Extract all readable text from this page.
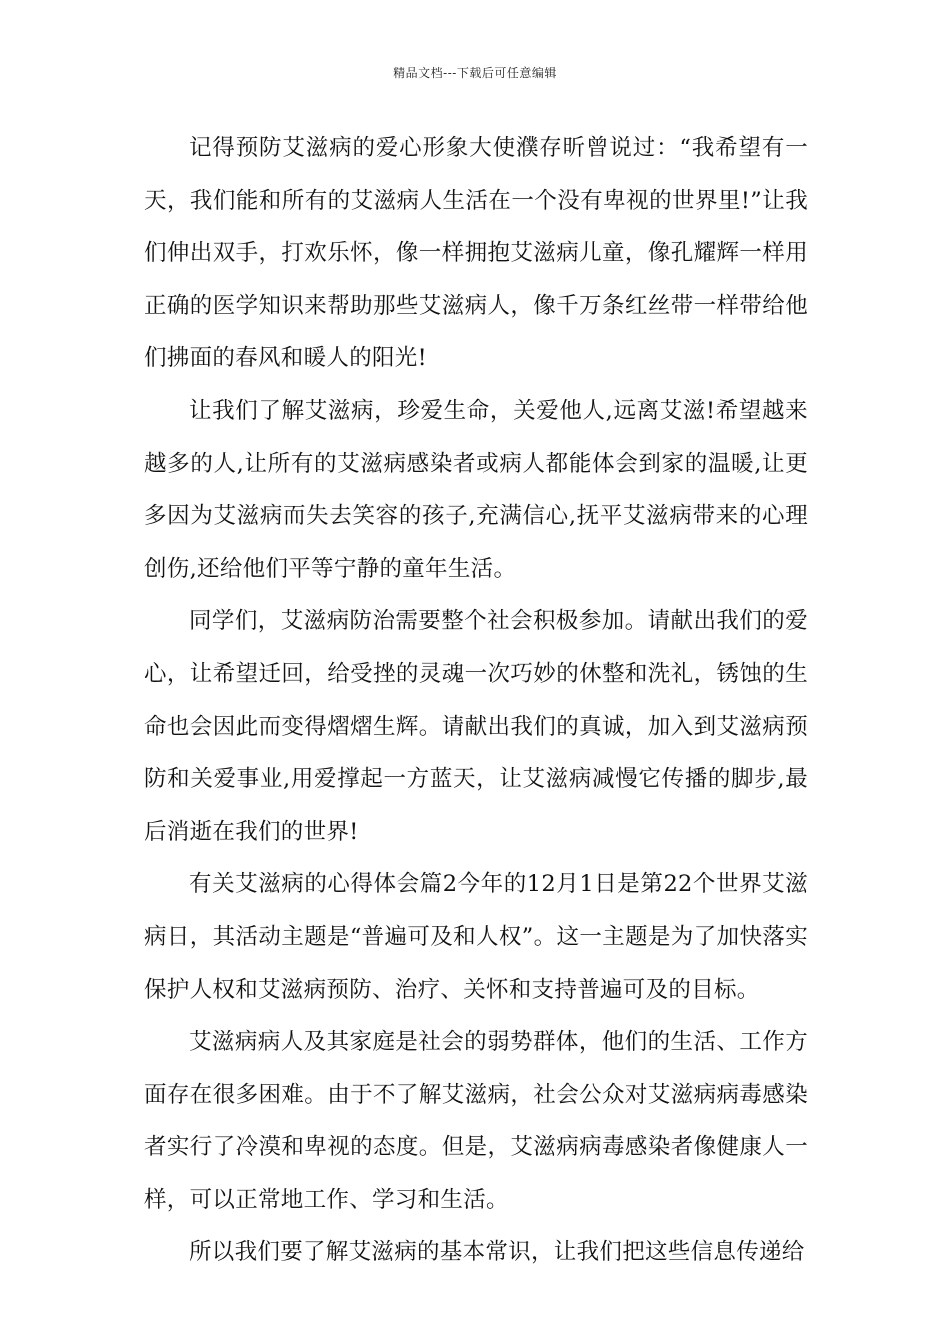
精品文档---下载后可任意编辑

记得预防艾滋病的爱心形象大使濮存昕曾说过：“我希望有一天，我们能和所有的艾滋病人生活在一个没有卑视的世界里!”让我们伸出双手，打欢乐怀，像一样拥抱艾滋病儿童，像孔耀辉一样用正确的医学知识来帮助那些艾滋病人，像千万条红丝带一样带给他们拂面的春风和暖人的阳光!

让我们了解艾滋病，珍爱生命，关爱他人,远离艾滋!希望越来越多的人,让所有的艾滋病感染者或病人都能体会到家的温暖,让更多因为艾滋病而失去笑容的孩子,充满信心,抚平艾滋病带来的心理创伤,还给他们平等宁静的童年生活。

同学们，艾滋病防治需要整个社会积极参加。请献出我们的爱心，让希望迁回，给受挫的灵魂一次巧妙的休整和洗礼，锈蚀的生命也会因此而变得熠熠生辉。请献出我们的真诚，加入到艾滋病预防和关爱事业,用爱撑起一方蓝天，让艾滋病减慢它传播的脚步,最后消逝在我们的世界!

有关艾滋病的心得体会篇2今年的12月1日是第22个世界艾滋病日，其活动主题是“普遍可及和人权”。这一主题是为了加快落实保护人权和艾滋病预防、治疗、关怀和支持普遍可及的目标。

艾滋病病人及其家庭是社会的弱势群体，他们的生活、工作方面存在很多困难。由于不了解艾滋病，社会公众对艾滋病病毒感染者实行了冷漠和卑视的态度。但是，艾滋病病毒感染者像健康人一样，可以正常地工作、学习和生活。

所以我们要了解艾滋病的基本常识，让我们把这些信息传递给
